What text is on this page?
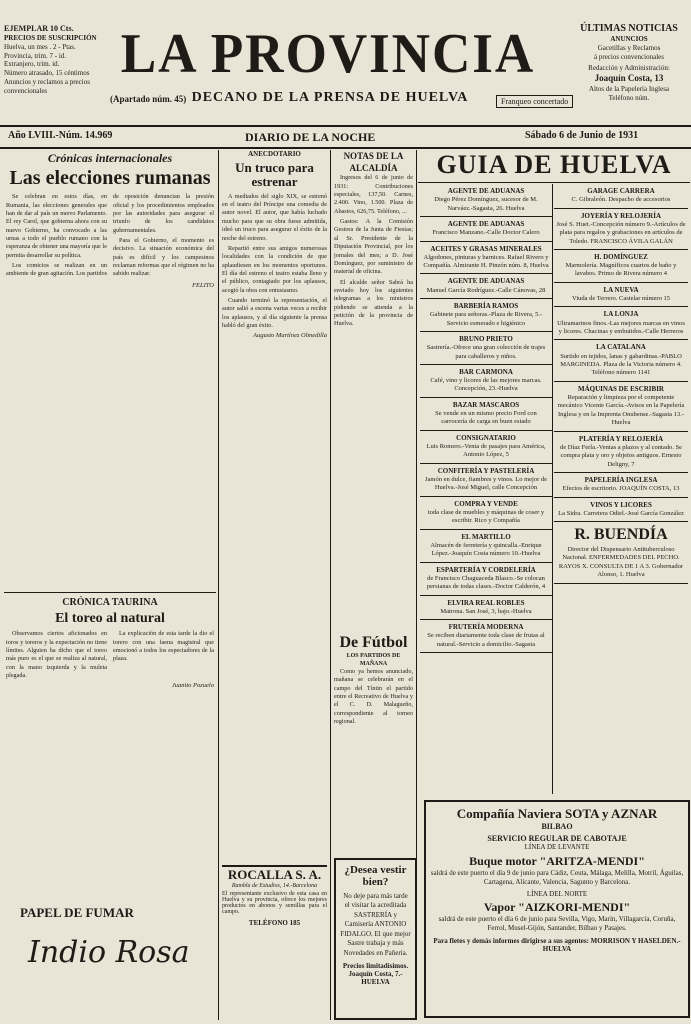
EJEMPLAR 10 Cts.
PRECIOS DE SUSCRIPCIÓN
Huelva, un mes . 2 - Ptas.
Provincia, trim. 7 - id.
Extranjero, trim. id.
Número atrasado, 15 céntimos
Anuncios y reclamos a precios convencionales
LA PROVINCIA
DECANO DE LA PRENSA DE HUELVA
(Apartado núm. 45)	Franqueo concertado
ÚLTIMAS NOTICIAS
ANUNCIOS
Gacetillas y Reclamos
á precios convencionales
Redacción y Administración:
Joaquín Costa, 13
Altos de la Papelería Inglesa
Teléfono núm.
Año LVIII.-Núm. 14.969	DIARIO DE LA NOCHE	Sábado 6 de Junio de 1931
Crónicas internacionales
Las elecciones rumanas

Se celebran en estos días, en Rumania, las elecciones generales que han de dar al país un nuevo Parlamento. El rey Carol, que gobierna ahora con su nuevo Gobierno, ha convocado a las urnas a todo el pueblo rumano con la esperanza de obtener una mayoría que le permita desarrollar su política.

Los comicios se realizan en un ambiente de gran agitación. Los partidos de oposición denuncian la presión oficial y los procedimientos empleados por las autoridades para asegurar el triunfo de los candidatos gubernamentales.

Para el Gobierno, el momento es decisivo. La situación económica del país es difícil y los campesinos reclaman reformas que el régimen no ha sabido realizar.

FELITO
CRÓNICA TAURINA
El toreo al natural

Observamos ciertos aficionados en toros y toreros y la expectación no tiene límites. Alguien ha dicho que el toreo más puro es el que se realiza al natural, con la mano izquierda y la muleta plegada.

La explicación de esta tarde la dio el torero con una faena magistral que emocionó a todos los espectadores de la plaza.

Juanito Pozuelo
PAPEL DE FUMAR
Indio Rosa
ANECDOTARIO
Un truco para estrenar

A mediados del siglo XIX, se estrenó en el teatro del Príncipe una comedia de autor novel. El autor, que había luchado mucho para que su obra fuese admitida, ideó un truco para asegurar el éxito de la noche del estreno.

Repartió entre sus amigos numerosas localidades con la condición de que aplaudiesen en los momentos oportunos. El día del estreno el teatro estaba lleno y el público, contagiado por los aplausos, acogió la obra con entusiasmo.

Cuando terminó la representación, el autor salió a escena varias veces a recibir los aplausos, y al día siguiente la prensa habló del gran éxito.

Augusto Martínez Olmedilla
ROCALLA S. A.
Rambla de Estudios, 14.-Barcelona
El representante exclusivo de esta casa en Huelva y su provincia, ofrece los mejores productos en abonos y semillas para el campo.
TELÉFONO 185
NOTAS DE LA ALCALDÍA

Ingresos del 6 de junio de 1931: Contribuciones especiales, 137,50. Carnes, 2.400. Vino, 1.500. Plaza de Abastos, 626,75. Teléfono, ...

Gastos: A la Comisión Gestora de la Junta de Fiestas; al Sr. Presidente de la Diputación Provincial, por los jornales del mes; a D. José Domínguez, por suministro de material de oficina.

El alcalde señor Sabrá ha enviado hoy los siguientes telegramas a los ministros pidiendo se atienda a la petición de la provincia de Huelva.

De Fútbol
LOS PARTIDOS DE MAÑANA

Como ya hemos anunciado, mañana se celebrarán en el campo del Tíntin el partido entre el Recreativo de Huelva y el C. D. Malagueño, correspondiente al torneo regional.

¿Desea vestir bien?
No deje para más tarde el visitar la acreditada SASTRERÍA y Camisería ANTONIO FIDALGO. El que mejor Sastre trabaja y más Novedades en Pañería.
Precios limitadísimos. Joaquín Costa, 7.-HUELVA
GUIA DE HUELVA
AGENTE DE ADUANAS
Diego Pérez Domínguez, sucesor de M. Narváez.-Sagasta, 26. Huelva
AGENTE DE ADUANAS
Francisco Manzano.-Calle Doctor Calero
ACEITES Y GRASAS MINERALES
Algodones, pinturas y barnices. Rafael Rivero y Compañía. Almirante H. Pinzón núm. 8, Huelva
AGENTE DE ADUANAS
Manuel García Rodríguez.-Calle Cánovas, 28
BARBERÍA RAMOS
Gabinete para señoras.-Plaza de Rivera, 5.-Servicio esmerado e higiénico
BRUNO PRIETO
Sastrería.-Ofrece una gran colección de trajes para caballeros y niños.
BAR CARMONA
Café, vino y licores de las mejores marcas. Concepción, 23.-Huelva
BAZAR MASCAROS
Se vende en un mismo precio Ford con carrocería de carga en buen estado
CONSIGNATARIO
Luis Romero.-Venta de pasajes para América, Antonio López, 5
CONFITERÍA Y PASTELERÍA
Jamón en dulce, fiambres y vinos. Lo mejor de Huelva.-José Miguel, calle Concepción
COMPRA Y VENDE
toda clase de muebles y máquinas de coser y escribir. Rico y Compañía
EL MARTILLO
Almacén de ferretería y quincalla.-Enrique López.-Joaquín Costa número 10.-Huelva
ESPARTERÍA Y CORDELERÍA
de Francisco Chaguaceda Blasco.-Se colocan persianas de todas clases.-Doctor Calderón, 4
ELVIRA REAL ROBLES
Matrona. San José, 3, bajo.-Huelva
FRUTERÍA MODERNA
Se reciben diariamente toda clase de frutas al natural.-Servicio a domicilio.-Sagasta
GARAGE CARRERA
C. Gibraleón. Despacho de accesorios
JOYERÍA Y RELOJERÍA
José S. Huet.-Concepción número 9.-Artículos de plata para regalos y grabaciones en artículos de Toledo. FRANCISCO ÁVILA GALÁN
H. DOMÍNGUEZ
Marmolería. Magníficos cuartos de baño y lavabos. Primo de Rivera número 4
LA NUEVA
Viuda de Terrero. Castelar número 15
LA LONJA
Ultramarinos finos.-Las mejores marcas en vinos y licores. Chacinas y embutidos.-Calle Herreros
LA CATALANA
Surtido en tejidos, lanas y gabardinas.-PABLO MARGINEDA. Plaza de la Victoria número 4. Teléfono número 1141
MÁQUINAS DE ESCRIBIR
Reparación y limpieza por el competente mecánico Vicente García.-Avisos en la Papelería Inglesa y en la Imprenta Onubense.-Sagasta 13.-Huelva
PLATERÍA Y RELOJERÍA
de Díaz Ferla.-Ventas a plazos y al contado. Se compra plata y oro y objetos antiguos. Ernesto Deligny, 7
PAPELERÍA INGLESA
Efectos de escritorio. JOAQUÍN COSTA, 13
VINOS Y LICORES
La Sidra. Carretera Odiel.-José García González
R. BUENDÍA
Director del Dispensario Antituberculoso Nacional. ENFERMEDADES DEL PECHO. RAYOS X. CONSULTA DE 1 A 3. Gobernador Alonso, 1. Huelva
Compañía Naviera SOTA y AZNAR
BILBAO
SERVICIO REGULAR DE CABOTAJE
LÍNEA DE LEVANTE
Buque motor "ARITZA-MENDI"
saldrá de este puerto el día 9 de junio para Cádiz, Ceuta, Málaga, Melilla, Motril, Águilas, Cartagena, Alicante, Valencia, Sagunto y Barcelona.
LÍNEA DEL NORTE
Vapor "AIZKORI-MENDI"
saldrá de este puerto el día 6 de junio para Sevilla, Vigo, Marín, Villagarcía, Coruña, Ferrol, Musel-Gijón, Santander, Bilbao y Pasajes.
Para fletes y demás informes dirigirse a sus agentes: MORRISON Y HASELDEN.-HUELVA
